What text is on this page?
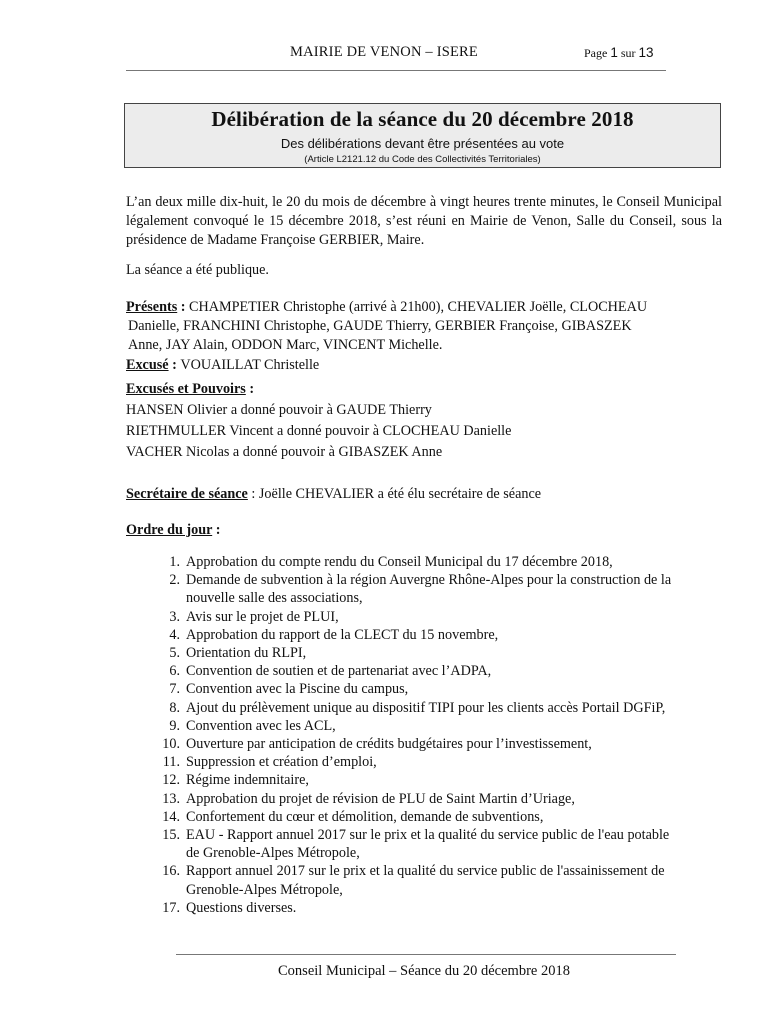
MAIRIE DE VENON – ISERE	Page 1 sur 13
Délibération de la séance du 20 décembre 2018
Des délibérations devant être présentées au vote
(Article L2121.12 du Code des Collectivités Territoriales)
L’an deux mille dix-huit, le 20 du mois de décembre à vingt heures trente minutes, le Conseil Municipal légalement convoqué le 15 décembre 2018, s’est réuni en Mairie de Venon, Salle du Conseil, sous la présidence de Madame Françoise GERBIER, Maire.
La séance a été publique.
Présents : CHAMPETIER Christophe (arrivé à 21h00), CHEVALIER Joëlle, CLOCHEAU
Danielle, FRANCHINI Christophe, GAUDE Thierry, GERBIER Françoise, GIBASZEK
Anne, JAY Alain, ODDON Marc, VINCENT Michelle.
Excusé : VOUAILLAT Christelle
Excusés et Pouvoirs :
HANSEN Olivier a donné pouvoir à GAUDE Thierry
RIETHMULLER Vincent a donné pouvoir à CLOCHEAU Danielle
VACHER Nicolas a donné pouvoir à GIBASZEK Anne
Secrétaire de séance : Joëlle CHEVALIER a été élu secrétaire de séance
Ordre du jour :
1. Approbation du compte rendu du Conseil Municipal du 17 décembre 2018,
2. Demande de subvention à la région Auvergne Rhône-Alpes pour la construction de la
nouvelle salle des associations,
3. Avis sur le projet de PLUI,
4. Approbation du rapport de la CLECT du 15 novembre,
5. Orientation du RLPI,
6. Convention de soutien et de partenariat avec l’ADPA,
7. Convention avec la Piscine du campus,
8. Ajout du prélèvement unique au dispositif TIPI pour les clients accès Portail DGFiP,
9. Convention avec les ACL,
10. Ouverture par anticipation de crédits budgétaires pour l’investissement,
11. Suppression et création d’emploi,
12. Régime indemnitaire,
13. Approbation du projet de révision de PLU de Saint Martin d’Uriage,
14. Confortement du cœur et démolition, demande de subventions,
15. EAU - Rapport annuel 2017 sur le prix et la qualité du service public de l'eau potable
de Grenoble-Alpes Métropole,
16. Rapport annuel 2017 sur le prix et la qualité du service public de l'assainissement de
Grenoble-Alpes Métropole,
17. Questions diverses.
Conseil Municipal – Séance du 20 décembre 2018
